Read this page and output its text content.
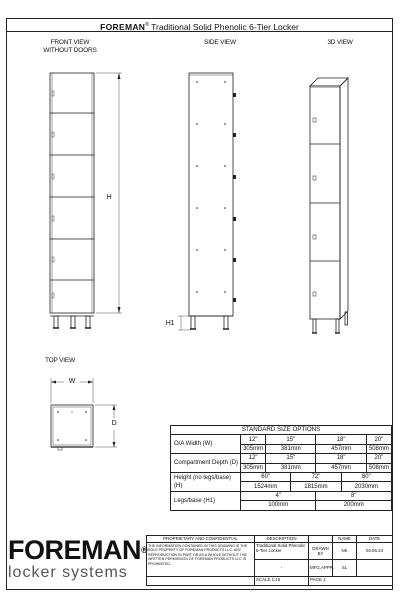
FOREMAN® Traditional Solid Phenolic 6-Tier Locker
FRONT VIEW WITHOUT DOORS
SIDE VIEW	3D VIEW
TOP VIEW
H
H1
W
D
STANDARD SIZE OPTIONS						
O/A Width (W)	12"	15"		18"		20"
	305mm	381mm		457mm		508mm
Compartment Depth (D)	12"	15"		18"		20"
	305mm	381mm		457mm		508mm
Height (no legs/base) (H)	60"		72"		80"	
	1524mm		1815mm		2030mm	
Legs/base (H1)	4"			8"		
	100mm			200mm		
FOREMAN®
locker systems
PROPRIETARY AND CONFIDENTIAL	DESCRIPTION		NAME	DATE
THE INFORMATION CONTAINED IN THIS DRAWING IS THE SOLE PROPERTY OF FOREMAN PRODUCTS LLC. ANY REPRODUCTION IN PART OR AS A WHOLE WITHOUT THE WRITTEN PERMISSION OF FOREMAN PRODUCTS LLC IS PROHIBITED.	Traditional Solid Phenolic 6-Tier Locker	DRAWN BY	NK	04.06.24
	-	MFG.APPR.	SL	
	SCALE 1:15	PAGE 1		
